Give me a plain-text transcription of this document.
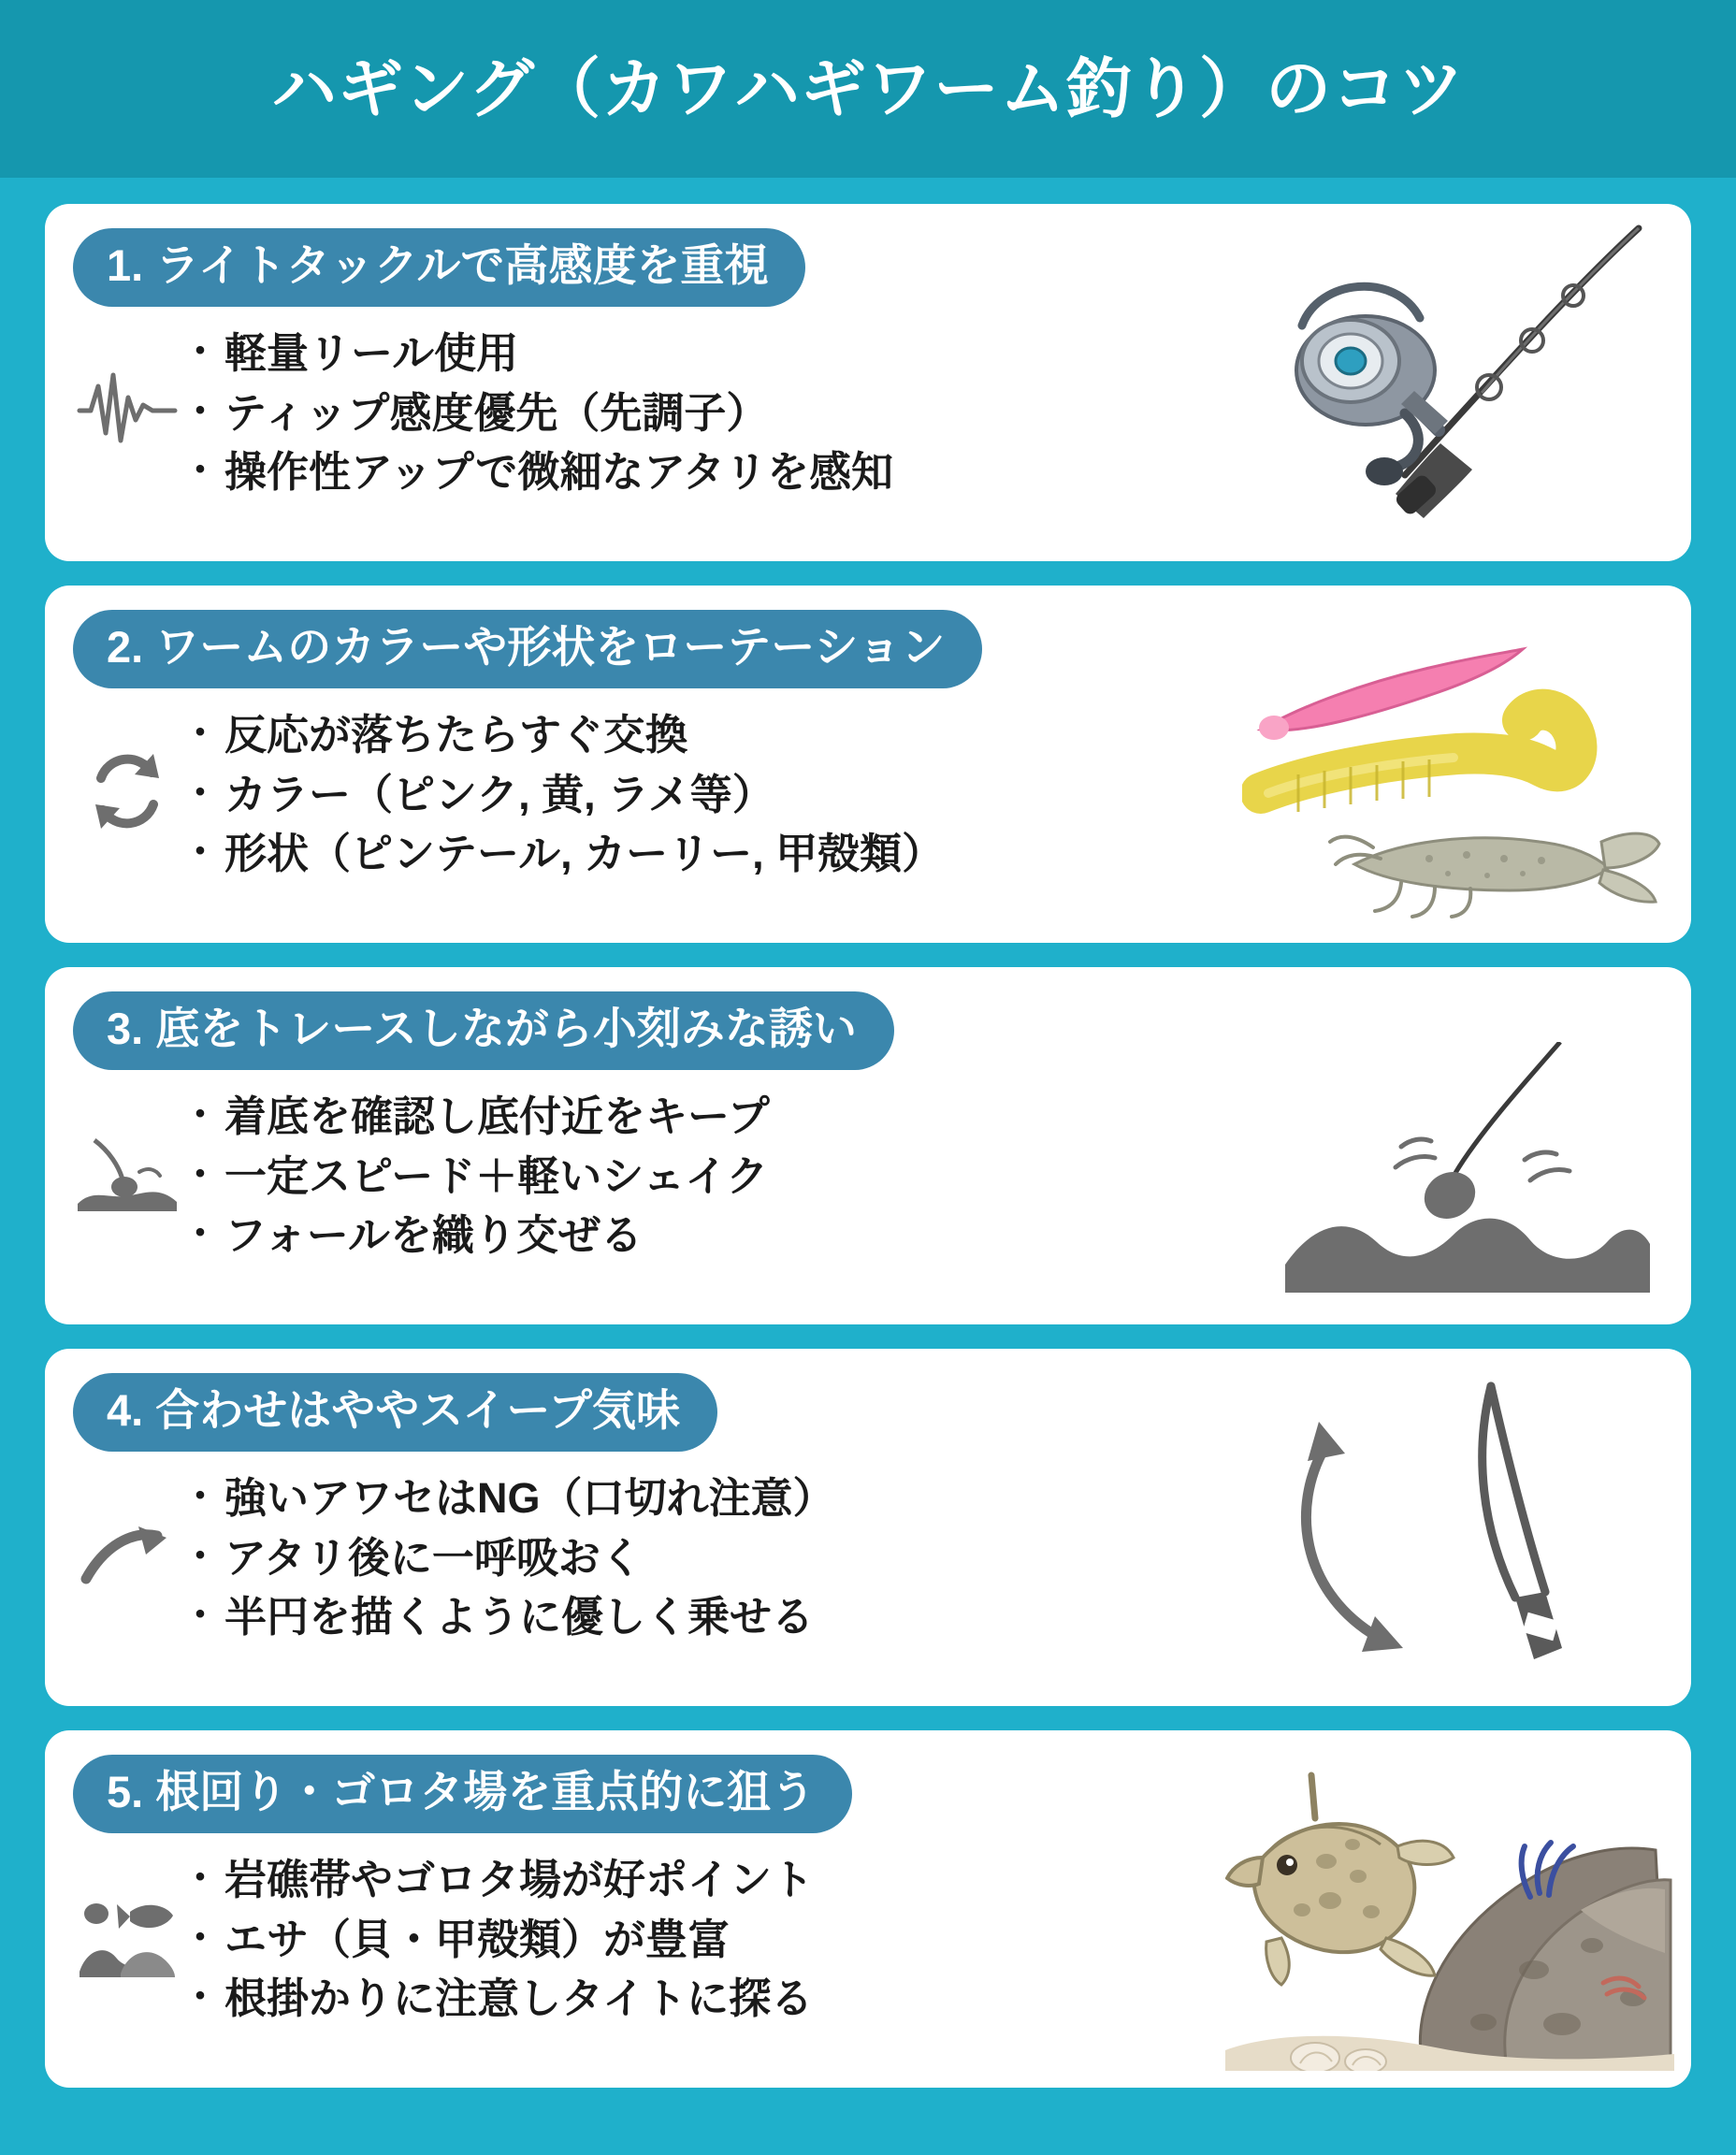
ハギング（カワハギワーム釣り）のコツ
1. ライトタックルで高感度を重視
・ 軽量リール使用
・ ティップ感度優先（先調子）
・ 操作性アップで微細なアタリを感知
2. ワームのカラーや形状をローテーション
・ 反応が落ちたらすぐ交換
・ カラー（ピンク, 黄, ラメ等）
・ 形状（ピンテール, カーリー, 甲殻類）
3. 底をトレースしながら小刻みな誘い
・ 着底を確認し底付近をキープ
・ 一定スピード＋軽いシェイク
・ フォールを織り交ぜる
4. 合わせはややスイープ気味
・ 強いアワセはNG（口切れ注意）
・ アタリ後に一呼吸おく
・ 半円を描くように優しく乗せる
5. 根回り・ゴロタ場を重点的に狙う
・ 岩礁帯やゴロタ場が好ポイント
・ エサ（貝・甲殻類）が豊富
・ 根掛かりに注意しタイトに探る
